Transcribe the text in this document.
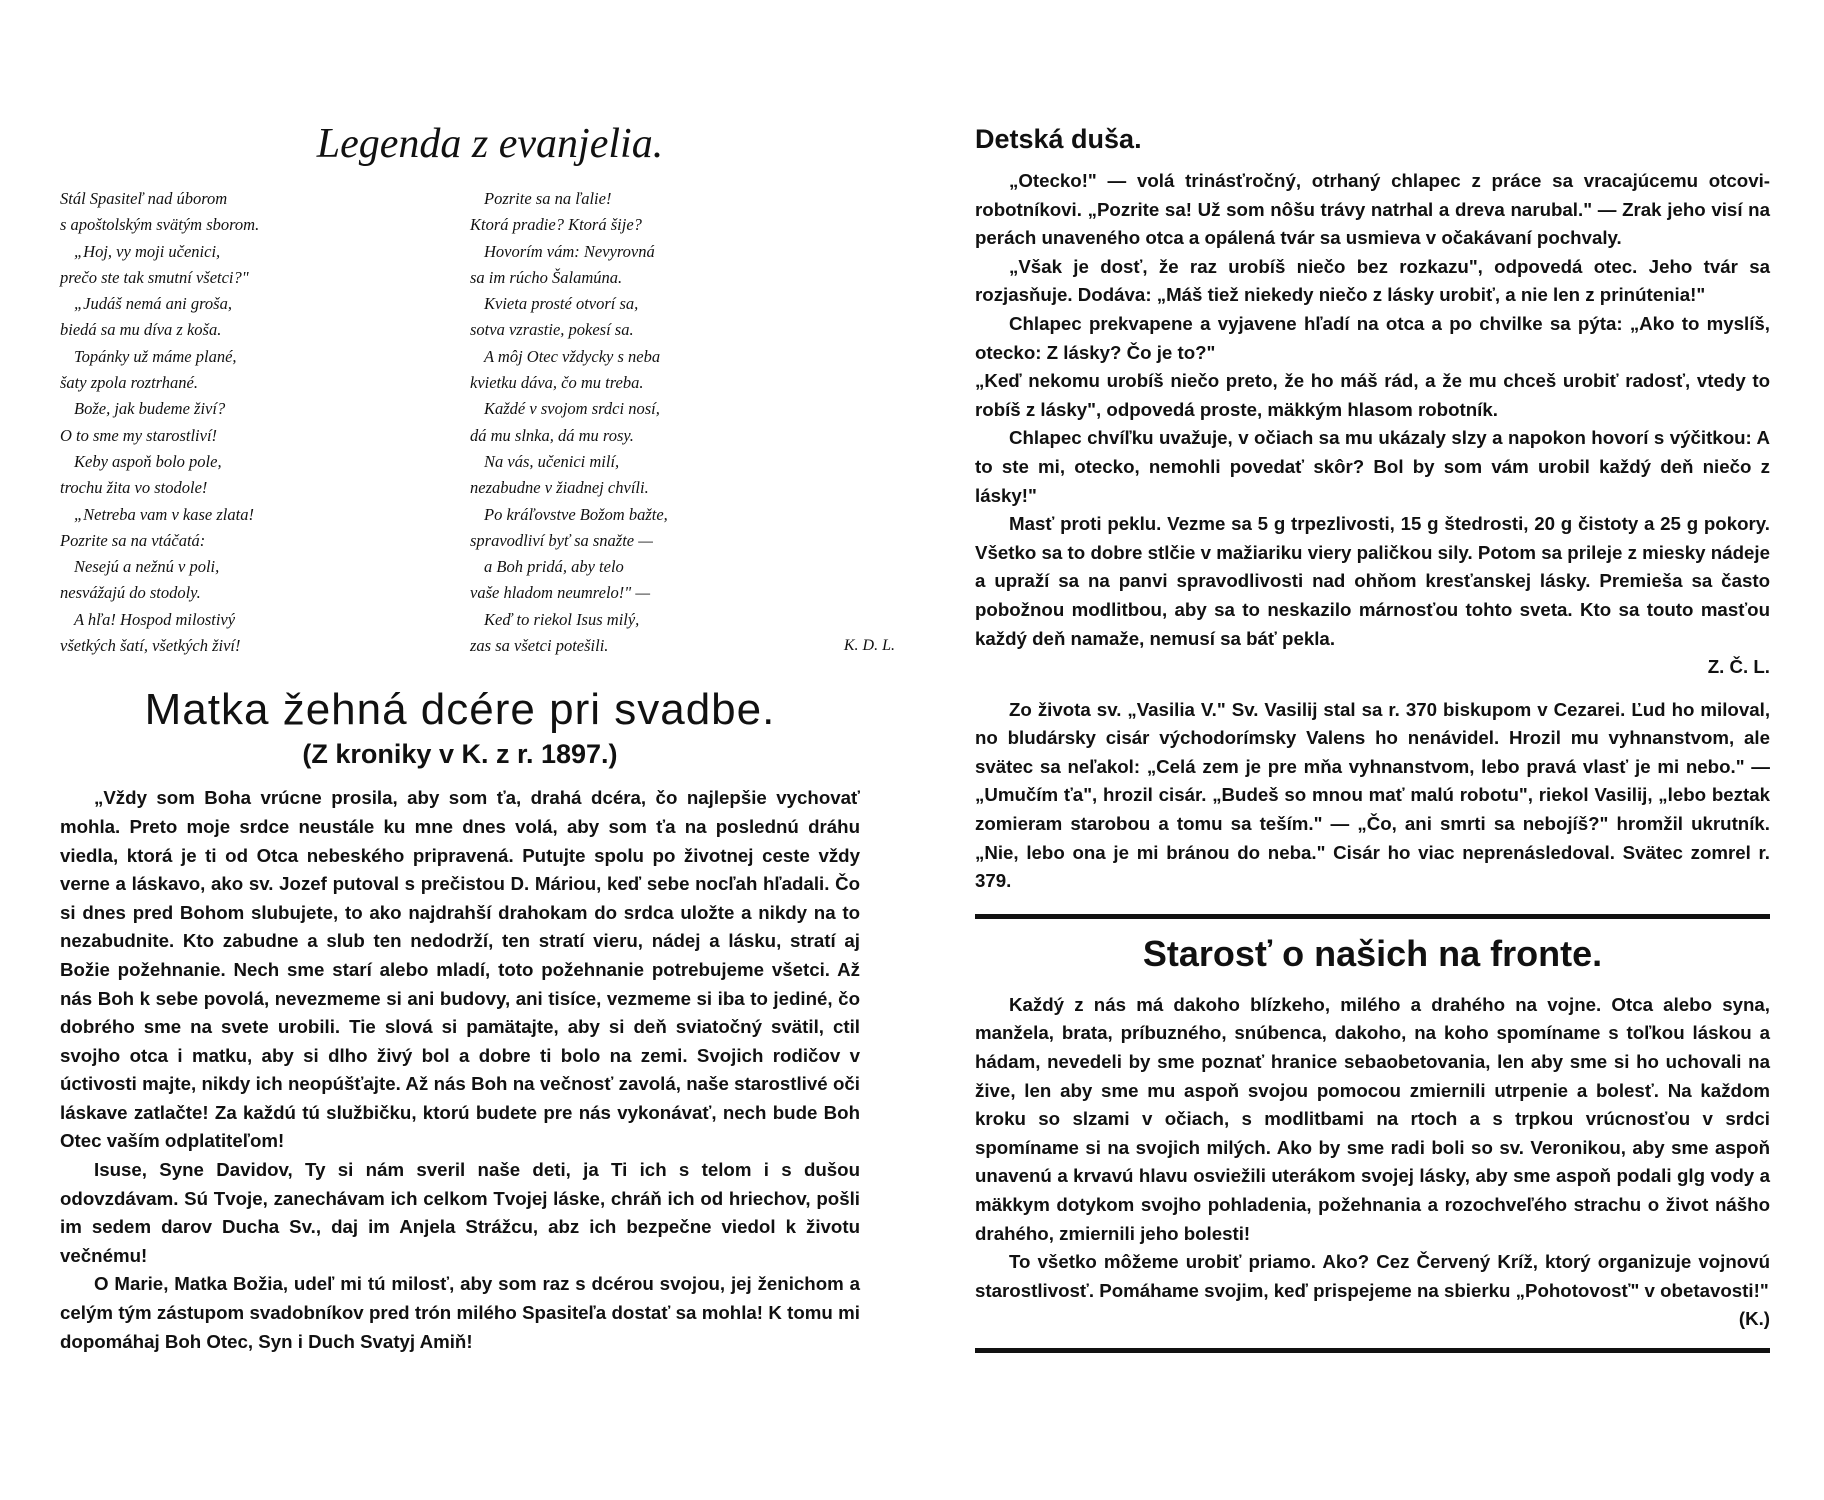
Legenda z evanjelia.
Stál Spasiteľ nad úborom
s apoštolským svätým sborom.
„Hoj, vy moji učenici,
prečo ste tak smutní všetci?"
„Judáš nemá ani groša,
biedá sa mu díva z koša.
Topánky už máme plané,
šaty zpola roztrhané.
Bože, jak budeme živí?
O to sme my starostliví!
Keby aspoň bolo pole,
trochu žita vo stodole!
„Netreba vam v kase zlata!
Pozrite sa na vtáčatá:
Nesejú a nežnú v poli,
nesvážajú do stodoly.
A hľa! Hospod milostivý
všetkých šatí, všetkých živí!
Pozrite sa na ľalie!
Ktorá pradie? Ktorá šije?
Hovorím vám: Nevyrovná
sa im rúcho Šalamúna.
Kvieta prosté otvorí sa,
sotva vzrastie, pokesí sa.
A môj Otec vždycky s neba
kvietku dáva, čo mu treba.
Každé v svojom srdci nosí,
dá mu slnka, dá mu rosy.
Na vás, učenici milí,
nezabudne v žiadnej chvíli.
Po kráľovstve Božom bažte,
spravodliví byť sa snažte —
a Boh pridá, aby telo
vaše hladom neumrelo!" —
Keď to riekol Isus milý,
zas sa všetci potešili.	K. D. L.
Matka žehná dcére pri svadbe.
(Z kroniky v K. z r. 1897.)

„Vždy som Boha vrúcne prosila, aby som ťa, drahá dcéra, čo najlepšie vychovať mohla. Preto moje srdce neustále ku mne dnes volá, aby som ťa na poslednú dráhu viedla, ktorá je ti od Otca nebeského pripravená. Putujte spolu po životnej ceste vždy verne a láskavo, ako sv. Jozef putoval s prečistou D. Máriou, keď sebe nocľah hľadali. Čo si dnes pred Bohom slubujete, to ako najdrahší drahokam do srdca uložte a nikdy na to nezabudnite. Kto zabudne a slub ten nedodrží, ten stratí vieru, nádej a lásku, stratí aj Božie požehnanie. Nech sme starí alebo mladí, toto požehnanie potrebujeme všetci. Až nás Boh k sebe povolá, nevezmeme si ani budovy, ani tisíce, vezmeme si iba to jediné, čo dobrého sme na svete urobili. Tie slová si pamätajte, aby si deň sviatočný svätil, ctil svojho otca i matku, aby si dlho živý bol a dobre ti bolo na zemi. Svojich rodičov v úctivosti majte, nikdy ich neopúšťajte. Až nás Boh na večnosť zavolá, naše starostlivé oči láskave zatlačte! Za každú tú službičku, ktorú budete pre nás vykonávať, nech bude Boh Otec vaším odplatiteľom!

Isuse, Syne Davidov, Ty si nám sveril naše deti, ja Ti ich s telom i s dušou odovzdávam. Sú Tvoje, zanechávam ich celkom Tvojej láske, chráň ich od hriechov, pošli im sedem darov Ducha Sv., daj im Anjela Strážcu, abz ich bezpečne viedol k životu večnému!

O Marie, Matka Božia, udeľ mi tú milosť, aby som raz s dcérou svojou, jej ženichom a celým tým zástupom svadobníkov pred trón milého Spasiteľa dostať sa mohla! K tomu mi dopomáhaj Boh Otec, Syn i Duch Svatyj Amiň!

Detská duša.

„Otecko!" — volá trinásťročný, otrhaný chlapec z práce sa vracajúcemu otcovi-robotníkovi. „Pozrite sa! Už som nôšu trávy natrhal a dreva narubal." — Zrak jeho visí na perách unaveného otca a opálená tvár sa usmieva v očakávaní pochvaly.

„Však je dosť, že raz urobíš niečo bez rozkazu", odpovedá otec. Jeho tvár sa rozjasňuje. Dodáva: „Máš tiež niekedy niečo z lásky urobiť, a nie len z prinútenia!"

Chlapec prekvapene a vyjavene hľadí na otca a po chvilke sa pýta: „Ako to myslíš, otecko: Z lásky? Čo je to?"

„Keď nekomu urobíš niečo preto, že ho máš rád, a že mu chceš urobiť radosť, vtedy to robíš z lásky", odpovedá proste, mäkkým hlasom robotník.

Chlapec chvíľku uvažuje, v očiach sa mu ukázaly slzy a napokon hovorí s výčitkou: A to ste mi, otecko, nemohli povedať skôr? Bol by som vám urobil každý deň niečo z lásky!"

Masť proti peklu. Vezme sa 5 g trpezlivosti, 15 g štedrosti, 20 g čistoty a 25 g pokory. Všetko sa to dobre stlčie v mažiariku viery paličkou sily. Potom sa prileje z miesky nádeje a upraží sa na panvi spravodlivosti nad ohňom kresťanskej lásky. Premieša sa často pobožnou modlitbou, aby sa to neskazilo márnosťou tohto sveta. Kto sa touto masťou každý deň namaže, nemusí sa báť pekla.

Z. Č. L.

Zo života sv. „Vasilia V." Sv. Vasilij stal sa r. 370 biskupom v Cezarei. Ľud ho miloval, no bludársky cisár východorímsky Valens ho nenávidel. Hrozil mu vyhnanstvom, ale svätec sa neľakol: „Celá zem je pre mňa vyhnanstvom, lebo pravá vlasť je mi nebo." — „Umučím ťa", hrozil cisár. „Budeš so mnou mať malú robotu", riekol Vasilij, „lebo beztak zomieram starobou a tomu sa teším." — „Čo, ani smrti sa nebojíš?" hromžil ukrutník. „Nie, lebo ona je mi bránou do neba." Cisár ho viac neprenásledoval. Svätec zomrel r. 379.

Starosť o našich na fronte.

Každý z nás má dakoho blízkeho, milého a drahého na vojne. Otca alebo syna, manžela, brata, príbuzného, snúbenca, dakoho, na koho spomíname s toľkou láskou a hádam, nevedeli by sme poznať hranice sebaobetovania, len aby sme si ho uchovali na žive, len aby sme mu aspoň svojou pomocou zmiernili utrpenie a bolesť. Na každom kroku so slzami v očiach, s modlitbami na rtoch a s trpkou vrúcnosťou v srdci spomíname si na svojich milých. Ako by sme radi boli so sv. Veronikou, aby sme aspoň unavenú a krvavú hlavu osviežili uterákom svojej lásky, aby sme aspoň podali glg vody a mäkkym dotykom svojho pohladenia, požehnania a rozochveľého strachu o život nášho drahého, zmiernili jeho bolesti!

To všetko môžeme urobiť priamo. Ako? Cez Červený Kríž, ktorý organizuje vojnovú starostlivosť. Pomáhame svojim, keď prispejeme na sbierku „Pohotovosť" v obetavosti!"

(K.)
